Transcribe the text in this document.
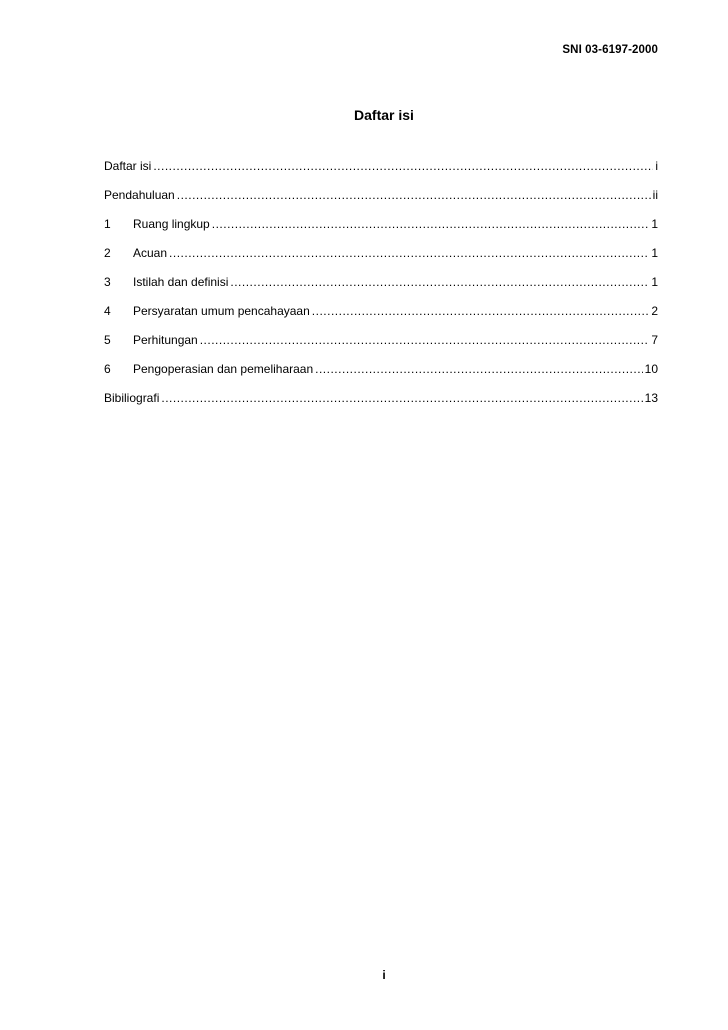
SNI 03-6197-2000
Daftar isi
Daftar isi .....	i
Pendahuluan .....	ii
1	Ruang lingkup .....	1
2	Acuan .....	1
3	Istilah dan definisi .....	1
4	Persyaratan umum pencahayaan .....	2
5	Perhitungan .....	7
6	Pengoperasian dan pemeliharaan .....	10
Bibiliografi .....	13
i
